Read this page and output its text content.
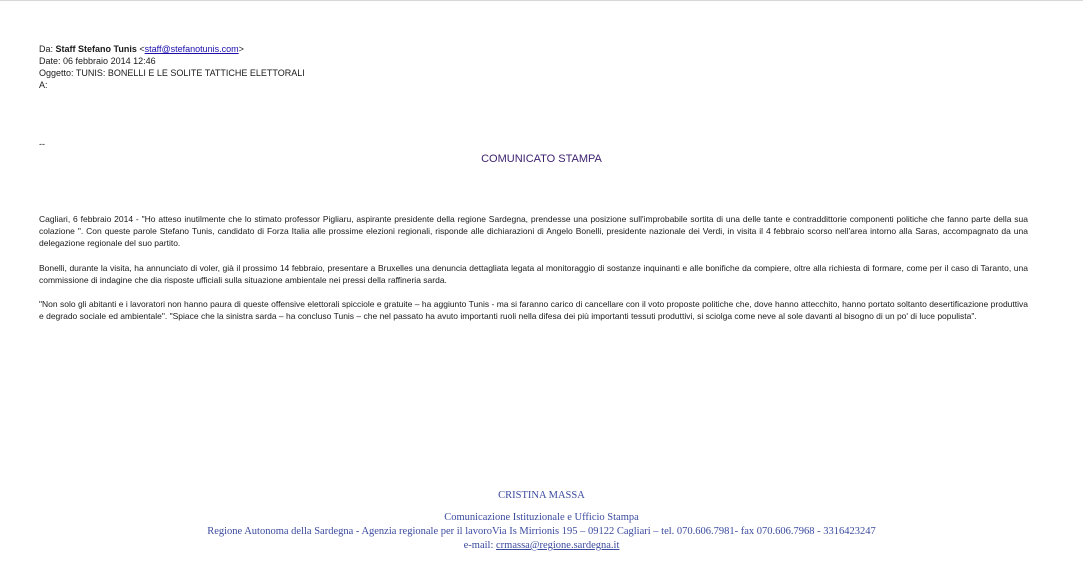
Da: Staff Stefano Tunis <staff@stefanotunis.com>
Date: 06 febbraio 2014 12:46
Oggetto: TUNIS: BONELLI E LE SOLITE TATTICHE ELETTORALI
A:
--
COMUNICATO STAMPA
Cagliari, 6 febbraio 2014 - "Ho atteso inutilmente che lo stimato professor Pigliaru, aspirante presidente della regione Sardegna, prendesse una posizione sull'improbabile sortita di una delle tante e contraddittorie componenti politiche che fanno parte della sua colazione ". Con queste parole Stefano Tunis, candidato di Forza Italia alle prossime elezioni regionali, risponde alle dichiarazioni di Angelo Bonelli, presidente nazionale dei Verdi, in visita il 4 febbraio scorso nell'area intorno alla Saras, accompagnato da una delegazione regionale del suo partito.
Bonelli, durante la visita, ha annunciato di voler, già il prossimo 14 febbraio, presentare a Bruxelles una denuncia dettagliata legata al monitoraggio di sostanze inquinanti e alle bonifiche da compiere, oltre alla richiesta di formare, come per il caso di Taranto, una commissione di indagine che dia risposte ufficiali sulla situazione ambientale nei pressi della raffineria sarda.
"Non solo gli abitanti e i lavoratori non hanno paura di queste offensive elettorali spicciole e gratuite – ha aggiunto Tunis - ma si faranno carico di cancellare con il voto proposte politiche che, dove hanno attecchito, hanno portato soltanto desertificazione produttiva e degrado sociale ed ambientale". "Spiace che la sinistra sarda – ha concluso Tunis – che nel passato ha avuto importanti ruoli nella difesa dei più importanti tessuti produttivi, si sciolga come neve al sole davanti al bisogno di un po' di luce populista".
CRISTINA MASSA
Comunicazione Istituzionale e Ufficio Stampa
Regione Autonoma della Sardegna - Agenzia regionale per il lavoroVia Is Mirrionis 195 – 09122 Cagliari – tel. 070.606.7981- fax 070.606.7968 - 3316423247
e-mail: crmassa@regione.sardegna.it
